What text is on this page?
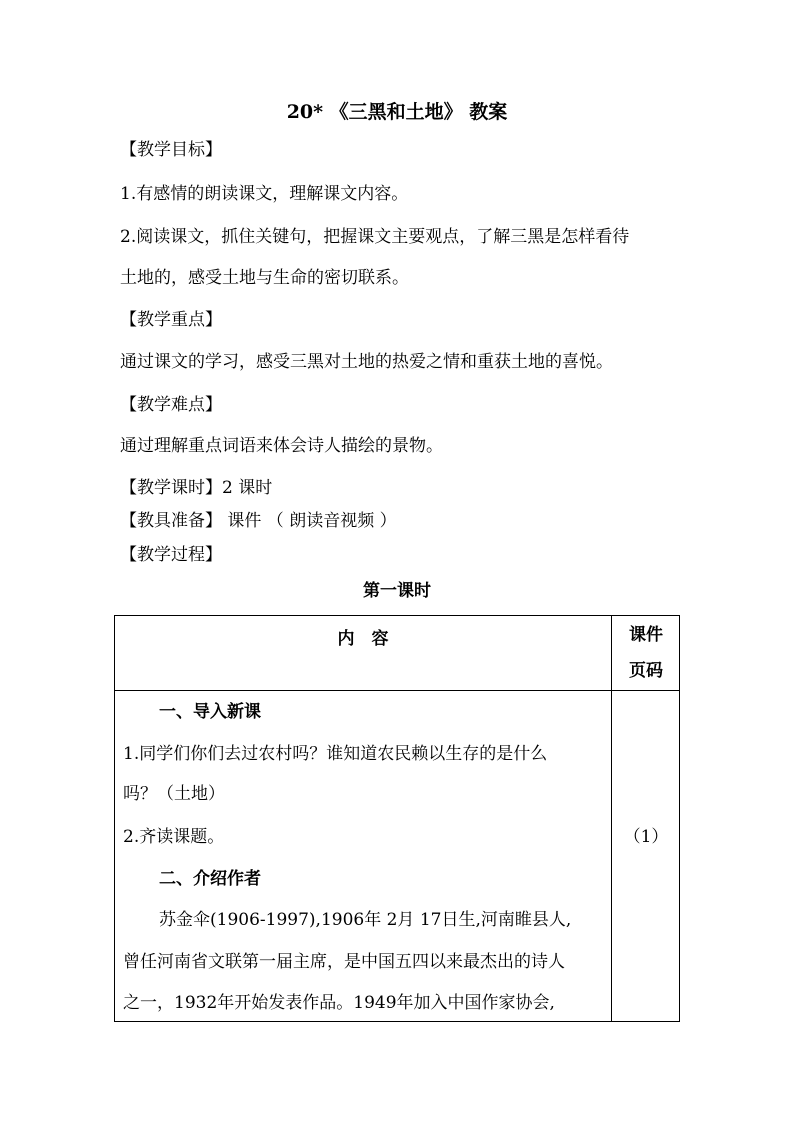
20* 《三黑和土地》 教案
【教学目标】
1.有感情的朗读课文，理解课文内容。
2.阅读课文，抓住关键句，把握课文主要观点，了解三黑是怎样看待
土地的，感受土地与生命的密切联系。
【教学重点】
通过课文的学习，感受三黑对土地的热爱之情和重获土地的喜悦。
【教学难点】
通过理解重点词语来体会诗人描绘的景物。
【教学课时】2 课时
【教具准备】 课件 （ 朗读音视频 ）
【教学过程】
第一课时
内　容	课件
页码
一、导入新课
1.同学们你们去过农村吗？谁知道农民赖以生存的是什么
吗？（土地）
2.齐读课题。
二、介绍作者
苏金伞(1906-1997),1906年 2月 17日生,河南睢县人,
曾任河南省文联第一届主席，是中国五四以来最杰出的诗人
之一，1932年开始发表作品。1949年加入中国作家协会,
（1）
